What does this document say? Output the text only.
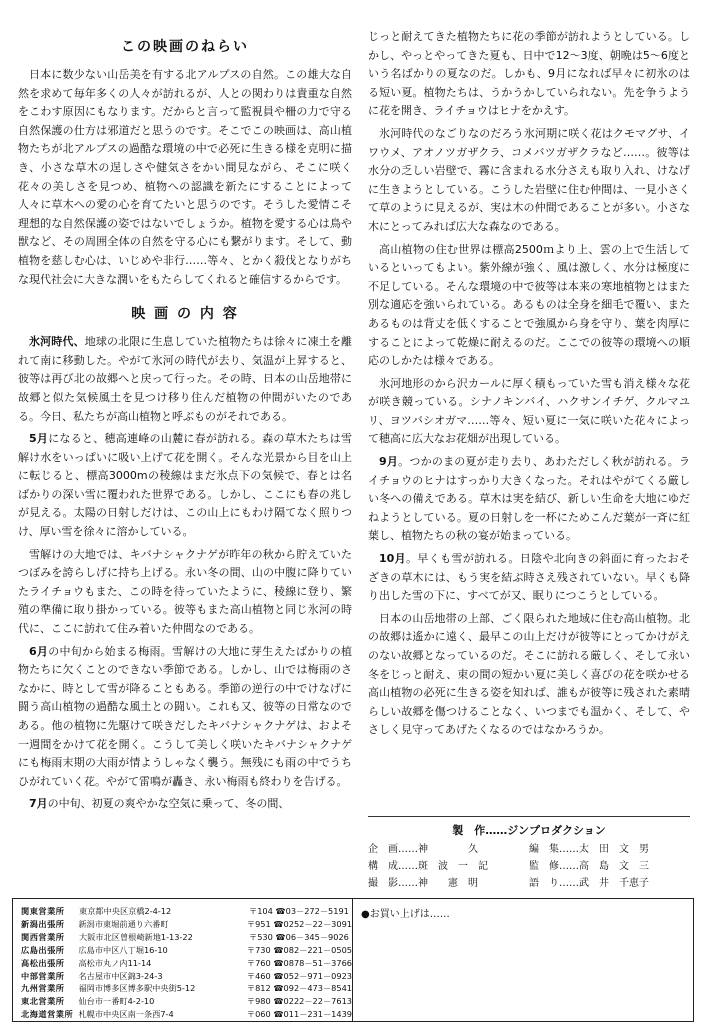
この映画のねらい

日本に数少ない山岳美を有する北アルプスの自然。この雄大な自然を求めて毎年多くの人々が訪れるが、人との関わりは貴重な自然をこわす原因にもなります。だからと言って監視員や柵の力で守る自然保護の仕方は邪道だと思うのです。そこでこの映画は、高山植物たちが北アルプスの過酷な環境の中で必死に生きる様を克明に描き、小さな草木の逞しさや健気さをかい間見ながら、そこに咲く花々の美しさを見つめ、植物への認識を新たにすることによって人々に草木への愛の心を育てたいと思うのです。そうした愛情こそ理想的な自然保護の姿ではないでしょうか。植物を愛する心は鳥や獣など、その周囲全体の自然を守る心にも繋がります。そして、動植物を慈しむ心は、いじめや非行……等々、とかく殺伐となりがちな現代社会に大きな潤いをもたらしてくれると確信するからです。

映 画 の 内 容

氷河時代、地球の北限に生息していた植物たちは徐々に凍土を離れて南に移動した。やがて氷河の時代が去り、気温が上昇すると、彼等は再び北の故郷へと戻って行った。その時、日本の山岳地帯に故郷と似た気候風土を見つけ移り住んだ植物の仲間がいたのである。今日、私たちが高山植物と呼ぶものがそれである。

5月になると、穂高連峰の山麓に春が訪れる。森の草木たちは雪解け水をいっぱいに吸い上げて花を開く。そんな光景から目を山上に転じると、標高3000mの稜線はまだ氷点下の気候で、春とは名ばかりの深い雪に覆われた世界である。しかし、ここにも春の兆しが見える。太陽の日射しだけは、この山上にもわけ隔てなく照りつけ、厚い雪を徐々に溶かしている。

雪解けの大地では、キバナシャクナゲが昨年の秋から貯えていたつぼみを誇らしげに持ち上げる。永い冬の間、山の中腹に降りていたライチョウもまた、この時を待っていたように、稜線に登り、繁殖の準備に取り掛かっている。彼等もまた高山植物と同じ氷河の時代に、ここに訪れて住み着いた仲間なのである。

6月の中旬から始まる梅雨。雪解けの大地に芽生えたばかりの植物たちに欠くことのできない季節である。しかし、山では梅雨のさなかに、時として雪が降ることもある。季節の逆行の中でけなげに闘う高山植物の過酷な風土との闘い。これも又、彼等の日常なのである。他の植物に先駆けて咲きだしたキバナシャクナゲは、およそ一週間をかけて花を開く。こうして美しく咲いたキバナシャクナゲにも梅雨末期の大雨が情ようしゃなく襲う。無残にも雨の中でうちひがれていく花。やがて雷鳴が轟き、永い梅雨も終わりを告げる。

7月の中旬、初夏の爽やかな空気に乗って、冬の間、

じっと耐えてきた植物たちに花の季節が訪れようとしている。しかし、やっとやってきた夏も、日中で12～3度、朝晩は5～6度という名ばかりの夏なのだ。しかも、9月になれば早々に初氷のはる短い夏。植物たちは、うかうかしていられない。先を争うように花を開き、ライチョウはヒナをかえす。

氷河時代のなごりなのだろう氷河期に咲く花はクモマグサ、イワウメ、アオノツガザクラ、コメバツガザクラなど……。彼等は水分の乏しい岩壁で、霧に含まれる水分さえも取り入れ、けなげに生きようとしている。こうした岩壁に住む仲間は、一見小さくて草のように見えるが、実は木の仲間であることが多い。小さな木にとってみれば広大な森なのである。

高山植物の住む世界は標高2500ｍより上、雲の上で生活しているといってもよい。紫外線が強く、風は激しく、水分は極度に不足している。そんな環境の中で彼等は本来の寒地植物とはまた別な適応を強いられている。あるものは全身を細毛で覆い、またあるものは背丈を低くすることで強風から身を守り、葉を肉厚にすることによって乾燥に耐えるのだ。ここでの彼等の環境への順応のしかたは様々である。

氷河地形のから沢カールに厚く積もっていた雪も消え様々な花が咲き競っている。シナノキンバイ、ハクサンイチゲ、クルマユリ、ヨツバシオガマ……等々、短い夏に一気に咲いた花々によって穂高に広大なお花畑が出現している。

9月。つかのまの夏が走り去り、あわただしく秋が訪れる。ライチョウのヒナはすっかり大きくなった。それはやがてくる厳しい冬への備えである。草木は実を結び、新しい生命を大地にゆだねようとしている。夏の日射しを一杯にためこんだ葉が一斉に紅葉し、植物たちの秋の宴が始まっている。

10月。早くも雪が訪れる。日陰や北向きの斜面に育ったおそざきの草木には、もう実を結ぶ時さえ残されていない。早くも降り出した雪の下に、すべてが又、眠りにつこうとしている。

日本の山岳地帯の上部、ごく限られた地域に住む高山植物。北の故郷は遙かに遠く、最早この山上だけが彼等にとってかけがえのない故郷となっているのだ。そこに訪れる厳しく、そして永い冬をじっと耐え、束の間の短かい夏に美しく喜びの花を咲かせる高山植物の必死に生きる姿を知れば、誰もが彼等に残された素晴らしい故郷を傷つけることなく、いつまでも温かく、そして、やさしく見守ってあげたくなるのではなかろうか。

製　作……ジンプロダクション
企　画……神　　　　久	編　集……太　田　文　男
構　成……斑　波　一　記	監　修……高　島　文　三
撮　影……神　　憲　明	語　り……武　井　千恵子
関東営業所	東京都中央区京橋2-4-12	〒104 ☎03－272－5191
新潟出張所	新潟市東堀前通り六番町	〒951 ☎0252－22－3091
関西営業所	大阪市北区曽根崎新地1-13-22	〒530 ☎06－345－9026
広島出張所	広島市中区八丁堀16-10	〒730 ☎082－221－0505
高松出張所	高松市丸ノ内11-14	〒760 ☎0878－51－3766
中部営業所	名古屋市中区錦3-24-3	〒460 ☎052－971－0923
九州営業所	福岡市博多区博多駅中央街5-12	〒812 ☎092－473－8541
東北営業所	仙台市一番町4-2-10	〒980 ☎0222－22－7613
北海道営業所 札幌市中央区南一条西7-4	〒060 ☎011－231－1439
●お買い上げは……
